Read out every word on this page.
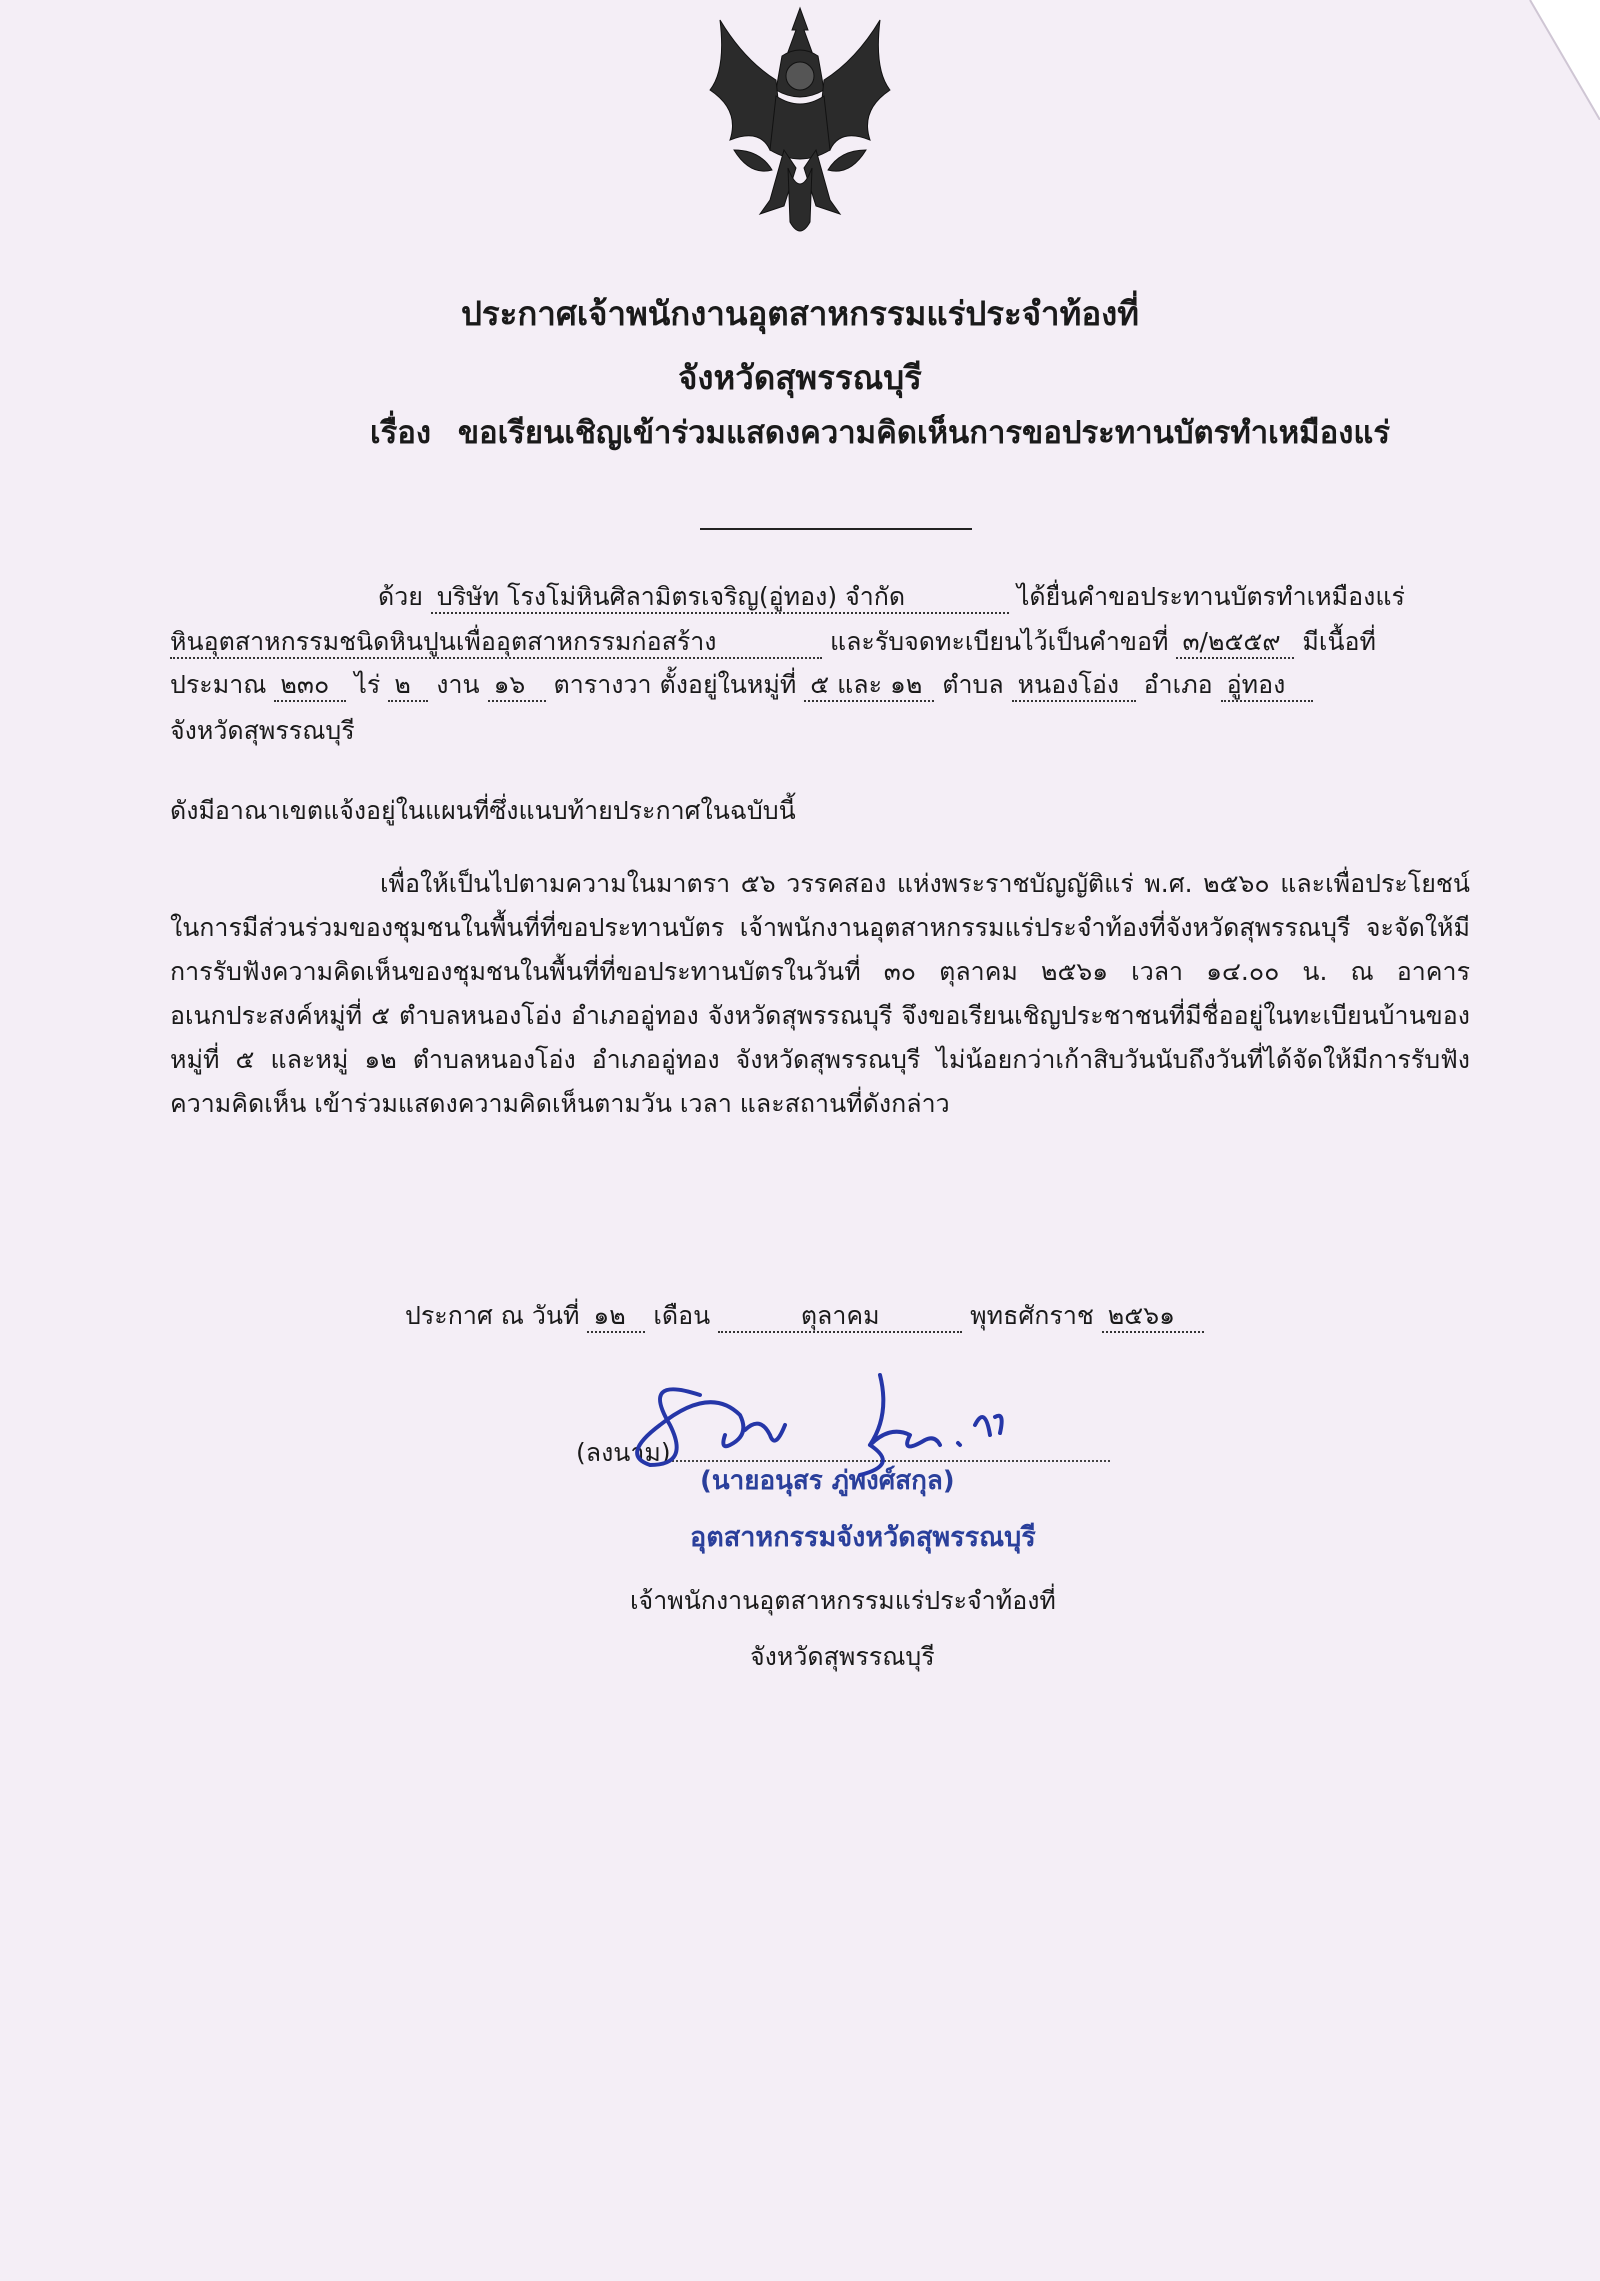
ประกาศเจ้าพนักงานอุตสาหกรรมแร่ประจำท้องที่
จังหวัดสุพรรณบุรี
เรื่อง ขอเรียนเชิญเข้าร่วมแสดงความคิดเห็นการขอประทานบัตรทำเหมืองแร่
ด้วย บริษัท โรงโม่หินศิลามิตรเจริญ(อู่ทอง) จำกัด	ได้ยื่นคำขอประทานบัตรทำเหมืองแร่
หินอุตสาหกรรมชนิดหินปูนเพื่ออุตสาหกรรมก่อสร้าง	และรับจดทะเบียนไว้เป็นคำขอที่ ๓/๒๕๕๙ มีเนื้อที่
ประมาณ ๒๓๐ ไร่ ๒ งาน ๑๖ ตารางวา ตั้งอยู่ในหมู่ที่ ๕ และ ๑๒ ตำบล หนองโอ่ง อำเภอ อู่ทอง
จังหวัดสุพรรณบุรี
ดังมีอาณาเขตแจ้งอยู่ในแผนที่ซึ่งแนบท้ายประกาศในฉบับนี้
เพื่อให้เป็นไปตามความในมาตรา ๕๖ วรรคสอง แห่งพระราชบัญญัติแร่ พ.ศ. ๒๕๖๐ และเพื่อประโยชน์ในการมีส่วนร่วมของชุมชนในพื้นที่ที่ขอประทานบัตร เจ้าพนักงานอุตสาหกรรมแร่ประจำท้องที่จังหวัดสุพรรณบุรี จะจัดให้มีการรับฟังความคิดเห็นของชุมชนในพื้นที่ที่ขอประทานบัตรในวันที่ ๓๐ ตุลาคม ๒๕๖๑ เวลา ๑๔.๐๐ น. ณ อาคารอเนกประสงค์หมู่ที่ ๕ ตำบลหนองโอ่ง อำเภออู่ทอง จังหวัดสุพรรณบุรี จึงขอเรียนเชิญประชาชนที่มีชื่ออยู่ในทะเบียนบ้านของหมู่ที่ ๕ และหมู่ ๑๒ ตำบลหนองโอ่ง อำเภออู่ทอง จังหวัดสุพรรณบุรี ไม่น้อยกว่าเก้าสิบวันนับถึงวันที่ได้จัดให้มีการรับฟังความคิดเห็น เข้าร่วมแสดงความคิดเห็นตามวัน เวลา และสถานที่ดังกล่าว
ประกาศ ณ วันที่ ๑๒ เดือน	ตุลาคม	พุทธศักราช ๒๕๖๑
(ลงนาม)
(นายอนุสร ภู่พงศ์สกุล)
อุตสาหกรรมจังหวัดสุพรรณบุรี
เจ้าพนักงานอุตสาหกรรมแร่ประจำท้องที่
จังหวัดสุพรรณบุรี
